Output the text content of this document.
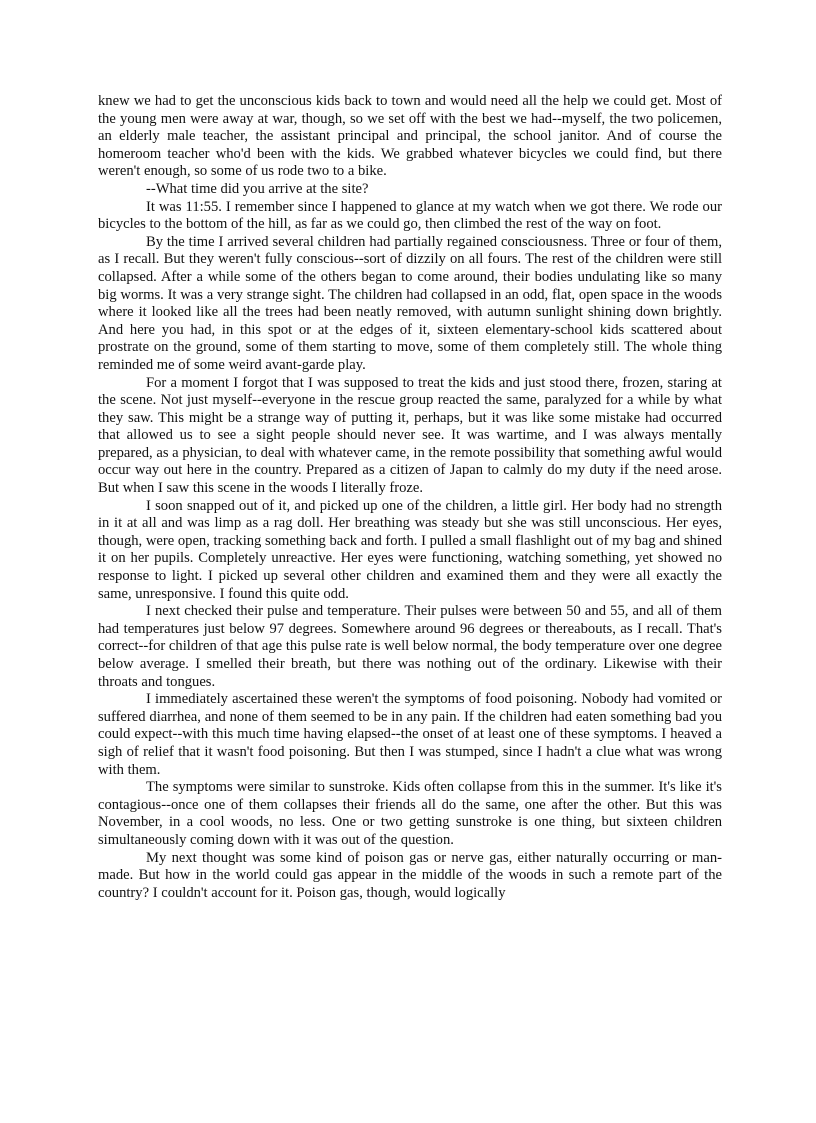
knew we had to get the unconscious kids back to town and would need all the help we could get. Most of the young men were away at war, though, so we set off with the best we had--myself, the two policemen, an elderly male teacher, the assistant principal and principal, the school janitor. And of course the homeroom teacher who'd been with the kids. We grabbed whatever bicycles we could find, but there weren't enough, so some of us rode two to a bike.

--What time did you arrive at the site?

It was 11:55. I remember since I happened to glance at my watch when we got there. We rode our bicycles to the bottom of the hill, as far as we could go, then climbed the rest of the way on foot.

By the time I arrived several children had partially regained consciousness. Three or four of them, as I recall. But they weren't fully conscious--sort of dizzily on all fours. The rest of the children were still collapsed. After a while some of the others began to come around, their bodies undulating like so many big worms. It was a very strange sight. The children had collapsed in an odd, flat, open space in the woods where it looked like all the trees had been neatly removed, with autumn sunlight shining down brightly. And here you had, in this spot or at the edges of it, sixteen elementary-school kids scattered about prostrate on the ground, some of them starting to move, some of them completely still. The whole thing reminded me of some weird avant-garde play.

For a moment I forgot that I was supposed to treat the kids and just stood there, frozen, staring at the scene. Not just myself--everyone in the rescue group reacted the same, paralyzed for a while by what they saw. This might be a strange way of putting it, perhaps, but it was like some mistake had occurred that allowed us to see a sight people should never see. It was wartime, and I was always mentally prepared, as a physician, to deal with whatever came, in the remote possibility that something awful would occur way out here in the country. Prepared as a citizen of Japan to calmly do my duty if the need arose. But when I saw this scene in the woods I literally froze.

I soon snapped out of it, and picked up one of the children, a little girl. Her body had no strength in it at all and was limp as a rag doll. Her breathing was steady but she was still unconscious. Her eyes, though, were open, tracking something back and forth. I pulled a small flashlight out of my bag and shined it on her pupils. Completely unreactive. Her eyes were functioning, watching something, yet showed no response to light. I picked up several other children and examined them and they were all exactly the same, unresponsive. I found this quite odd.

I next checked their pulse and temperature. Their pulses were between 50 and 55, and all of them had temperatures just below 97 degrees. Somewhere around 96 degrees or thereabouts, as I recall. That's correct--for children of that age this pulse rate is well below normal, the body temperature over one degree below average. I smelled their breath, but there was nothing out of the ordinary. Likewise with their throats and tongues.

I immediately ascertained these weren't the symptoms of food poisoning. Nobody had vomited or suffered diarrhea, and none of them seemed to be in any pain. If the children had eaten something bad you could expect--with this much time having elapsed--the onset of at least one of these symptoms. I heaved a sigh of relief that it wasn't food poisoning. But then I was stumped, since I hadn't a clue what was wrong with them.

The symptoms were similar to sunstroke. Kids often collapse from this in the summer. It's like it's contagious--once one of them collapses their friends all do the same, one after the other. But this was November, in a cool woods, no less. One or two getting sunstroke is one thing, but sixteen children simultaneously coming down with it was out of the question.

My next thought was some kind of poison gas or nerve gas, either naturally occurring or man-made. But how in the world could gas appear in the middle of the woods in such a remote part of the country? I couldn't account for it. Poison gas, though, would logically
